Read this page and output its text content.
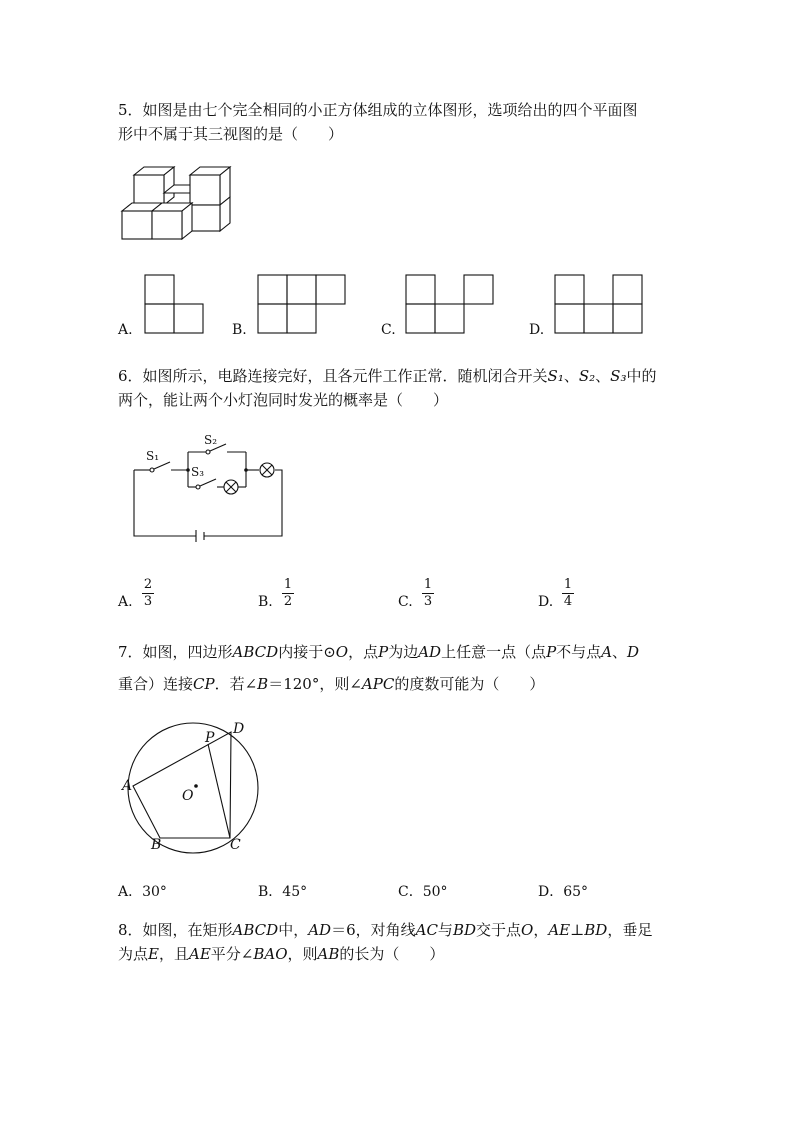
5．如图是由七个完全相同的小正方体组成的立体图形，选项给出的四个平面图
形中不属于其三视图的是（　　）
A.	B.	C.	D.
6．如图所示，电路连接完好，且各元件工作正常．随机闭合开关S₁、S₂、S₃中的
两个，能让两个小灯泡同时发光的概率是（　　）
S₁
S₂
S₃
A.
2
3	B.
1
2	C.
1
3	D.
1
4
7．如图，四边形ABCD内接于⊙O，点P为边AD上任意一点（点P不与点A、D
重合）连接CP．若∠B＝120°，则∠APC的度数可能为（　　）
A
B	C
D
P
O
A．30°	B．45°	C．50°	D．65°
8．如图，在矩形ABCD中，AD＝6，对角线AC与BD交于点O，AE⊥BD，垂足
为点E，且AE平分∠BAO，则AB的长为（　　）
